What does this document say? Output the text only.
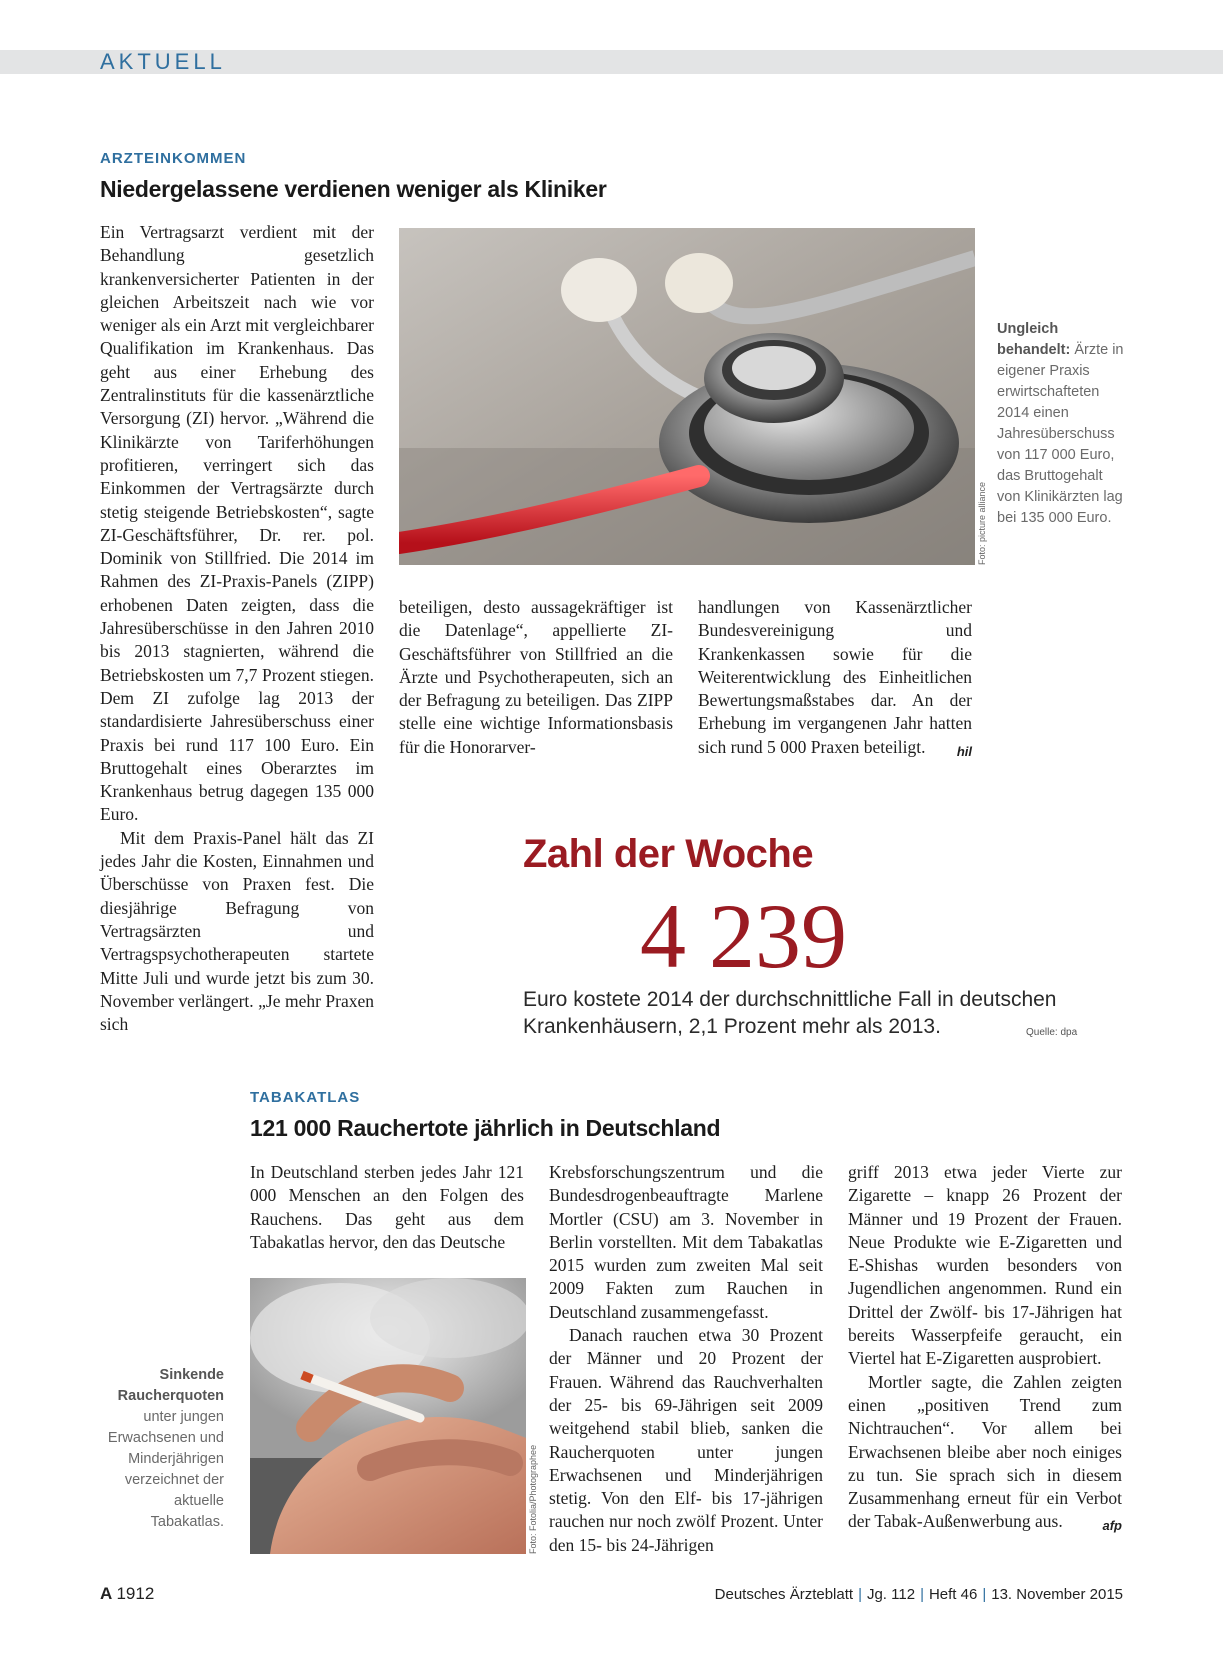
AKTUELL
ARZTEINKOMMEN
Niedergelassene verdienen weniger als Kliniker

Ein Vertragsarzt verdient mit der Behandlung gesetzlich krankenversicherter Patienten in der gleichen Arbeitszeit nach wie vor weniger als ein Arzt mit vergleichbarer Qualifikation im Krankenhaus. Das geht aus einer Erhebung des Zentralinstituts für die kassenärztliche Versorgung (ZI) hervor. „Während die Klinikärzte von Tariferhöhungen profitieren, verringert sich das Einkommen der Vertragsärzte durch stetig steigende Betriebskosten“, sagte ZI-Geschäftsführer, Dr. rer. pol. Dominik von Stillfried. Die 2014 im Rahmen des ZI-Praxis-Panels (ZIPP) erhobenen Daten zeigten, dass die Jahresüberschüsse in den Jahren 2010 bis 2013 stagnierten, während die Betriebskosten um 7,7 Prozent stiegen. Dem ZI zufolge lag 2013 der standardisierte Jahresüberschuss einer Praxis bei rund 117 100 Euro. Ein Bruttogehalt eines Oberarztes im Krankenhaus betrug dagegen 135 000 Euro.

Mit dem Praxis-Panel hält das ZI jedes Jahr die Kosten, Einnahmen und Überschüsse von Praxen fest. Die diesjährige Befragung von Vertragsärzten und Vertragspsychotherapeuten startete Mitte Juli und wurde jetzt bis zum 30. November verlängert. „Je mehr Praxen sich

Foto: picture alliance
Ungleich behandelt: Ärzte in eigener Praxis erwirtschafteten 2014 einen Jahresüberschuss von 117 000 Euro, das Bruttogehalt von Klinikärzten lag bei 135 000 Euro.

beteiligen, desto aussagekräftiger ist die Datenlage“, appellierte ZI-Geschäftsführer von Stillfried an die Ärzte und Psychotherapeuten, sich an der Befragung zu beteiligen. Das ZIPP stelle eine wichtige Informationsbasis für die Honorarver-

handlungen von Kassenärztlicher Bundesvereinigung und Krankenkassen sowie für die Weiterentwicklung des Einheitlichen Bewertungsmaßstabes dar. An der Erhebung im vergangenen Jahr hatten sich rund 5 000 Praxen beteiligt. hil

Zahl der Woche
4 239
Euro kostete 2014 der durchschnittliche Fall in deutschen Krankenhäusern, 2,1 Prozent mehr als 2013.	Quelle: dpa
TABAKATLAS
121 000 Rauchertote jährlich in Deutschland

In Deutschland sterben jedes Jahr 121 000 Menschen an den Folgen des Rauchens. Das geht aus dem Tabakatlas hervor, den das Deutsche

Foto: Fotolia/Photographee
Sinkende Raucherquoten unter jungen Erwachsenen und Minderjährigen verzeichnet der aktuelle Tabakatlas.

Krebsforschungszentrum und die Bundesdrogenbeauftragte Marlene Mortler (CSU) am 3. November in Berlin vorstellten. Mit dem Tabakatlas 2015 wurden zum zweiten Mal seit 2009 Fakten zum Rauchen in Deutschland zusammengefasst.

Danach rauchen etwa 30 Prozent der Männer und 20 Prozent der Frauen. Während das Rauchverhalten der 25- bis 69-Jährigen seit 2009 weitgehend stabil blieb, sanken die Raucherquoten unter jungen Erwachsenen und Minderjährigen stetig. Von den Elf- bis 17-jährigen rauchen nur noch zwölf Prozent. Unter den 15- bis 24-Jährigen

griff 2013 etwa jeder Vierte zur Zigarette – knapp 26 Prozent der Männer und 19 Prozent der Frauen. Neue Produkte wie E-Zigaretten und E-Shishas wurden besonders von Jugendlichen angenommen. Rund ein Drittel der Zwölf- bis 17-Jährigen hat bereits Wasserpfeife geraucht, ein Viertel hat E-Zigaretten ausprobiert.

Mortler sagte, die Zahlen zeigten einen „positiven Trend zum Nichtrauchen“. Vor allem bei Erwachsenen bleibe aber noch einiges zu tun. Sie sprach sich in diesem Zusammenhang erneut für ein Verbot der Tabak-Außenwerbung aus.	afp

A 1912	Deutsches Ärzteblatt | Jg. 112 | Heft 46 | 13. November 2015
